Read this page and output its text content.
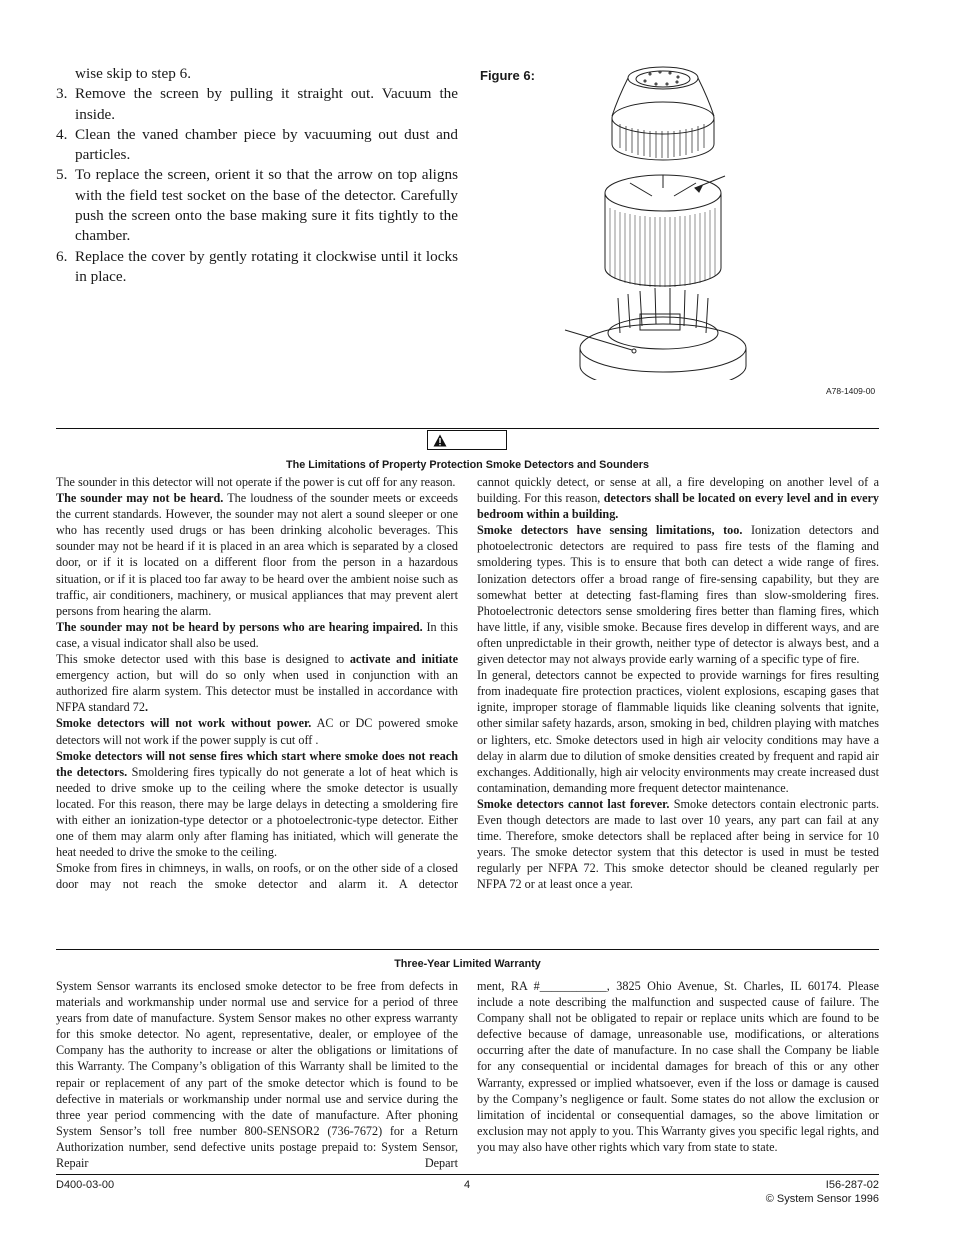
wise skip to step 6.

3. Remove the screen by pulling it straight out. Vacuum the inside.
4. Clean the vaned chamber piece by vacuuming out dust and particles.
5. To replace the screen, orient it so that the arrow on top aligns with the field test socket on the base of the detector. Carefully push the screen onto the base making sure it fits tightly to the chamber.
6. Replace the cover by gently rotating it clockwise until it locks in place.
Figure 6:
A78-1409-00
The Limitations of Property Protection Smoke Detectors and Sounders

The sounder in this detector will not operate if the power is cut off for any reason.

The sounder may not be heard. The loudness of the sounder meets or exceeds the current standards. However, the sounder may not alert a sound sleeper or one who has recently used drugs or has been drinking alcoholic beverages. This sounder may not be heard if it is placed in an area which is separated by a closed door, or if it is located on a different floor from the person in a hazardous situation, or if it is placed too far away to be heard over the ambient noise such as traffic, air conditioners, machinery, or musical appliances that may prevent alert persons from hearing the alarm.

The sounder may not be heard by persons who are hearing impaired. In this case, a visual indicator shall also be used.

This smoke detector used with this base is designed to activate and initiate emergency action, but will do so only when used in conjunction with an authorized fire alarm system. This detector must be installed in accordance with NFPA standard 72.

Smoke detectors will not work without power. AC or DC powered smoke detectors will not work if the power supply is cut off .

Smoke detectors will not sense fires which start where smoke does not reach the detectors. Smoldering fires typically do not generate a lot of heat which is needed to drive smoke up to the ceiling where the smoke detector is usually located. For this reason, there may be large delays in detecting a smoldering fire with either an ionization-type detector or a photoelectronic-type detector. Either one of them may alarm only after flaming has initiated, which will generate the heat needed to drive the smoke to the ceiling.

Smoke from fires in chimneys, in walls, on roofs, or on the other side of a closed door may not reach the smoke detector and alarm it. A detector

cannot quickly detect, or sense at all, a fire developing on another level of a building. For this reason, detectors shall be located on every level and in every bedroom within a building.

Smoke detectors have sensing limitations, too. Ionization detectors and photoelectronic detectors are required to pass fire tests of the flaming and smoldering types. This is to ensure that both can detect a wide range of fires. Ionization detectors offer a broad range of fire-sensing capability, but they are somewhat better at detecting fast-flaming fires than slow-smoldering fires. Photoelectronic detectors sense smoldering fires better than flaming fires, which have little, if any, visible smoke. Because fires develop in different ways, and are often unpredictable in their growth, neither type of detector is always best, and a given detector may not always provide early warning of a specific type of fire.

In general, detectors cannot be expected to provide warnings for fires resulting from inadequate fire protection practices, violent explosions, escaping gases that ignite, improper storage of flammable liquids like cleaning solvents that ignite, other similar safety hazards, arson, smoking in bed, children playing with matches or lighters, etc. Smoke detectors used in high air velocity conditions may have a delay in alarm due to dilution of smoke densities created by frequent and rapid air exchanges. Additionally, high air velocity environments may create increased dust contamination, demanding more frequent detector maintenance.

Smoke detectors cannot last forever. Smoke detectors contain electronic parts. Even though detectors are made to last over 10 years, any part can fail at any time. Therefore, smoke detectors shall be replaced after being in service for 10 years. The smoke detector system that this detector is used in must be tested regularly per NFPA 72. This smoke detector should be cleaned regularly per NFPA 72 or at least once a year.

Three-Year Limited Warranty

System Sensor warrants its enclosed smoke detector to be free from defects in materials and workmanship under normal use and service for a period of three years from date of manufacture. System Sensor makes no other express warranty for this smoke detector. No agent, representative, dealer, or employee of the Company has the authority to increase or alter the obligations or limitations of this Warranty. The Company’s obligation of this Warranty shall be limited to the repair or replacement of any part of the smoke detector which is found to be defective in materials or workmanship under normal use and service during the three year period commencing with the date of manufacture. After phoning System Sensor’s toll free number 800-SENSOR2 (736-7672) for a Return Authorization number, send defective units postage prepaid to: System Sensor, Repair Depart

ment, RA #___________, 3825 Ohio Avenue, St. Charles, IL 60174. Please include a note describing the malfunction and suspected cause of failure. The Company shall not be obligated to repair or replace units which are found to be defective because of damage, unreasonable use, modifications, or alterations occurring after the date of manufacture. In no case shall the Company be liable for any consequential or incidental damages for breach of this or any other Warranty, expressed or implied whatsoever, even if the loss or damage is caused by the Company’s negligence or fault. Some states do not allow the exclusion or limitation of incidental or consequential damages, so the above limitation or exclusion may not apply to you. This Warranty gives you specific legal rights, and you may also have other rights which vary from state to state.

D400-03-00	4	I56-287-02
© System Sensor 1996
